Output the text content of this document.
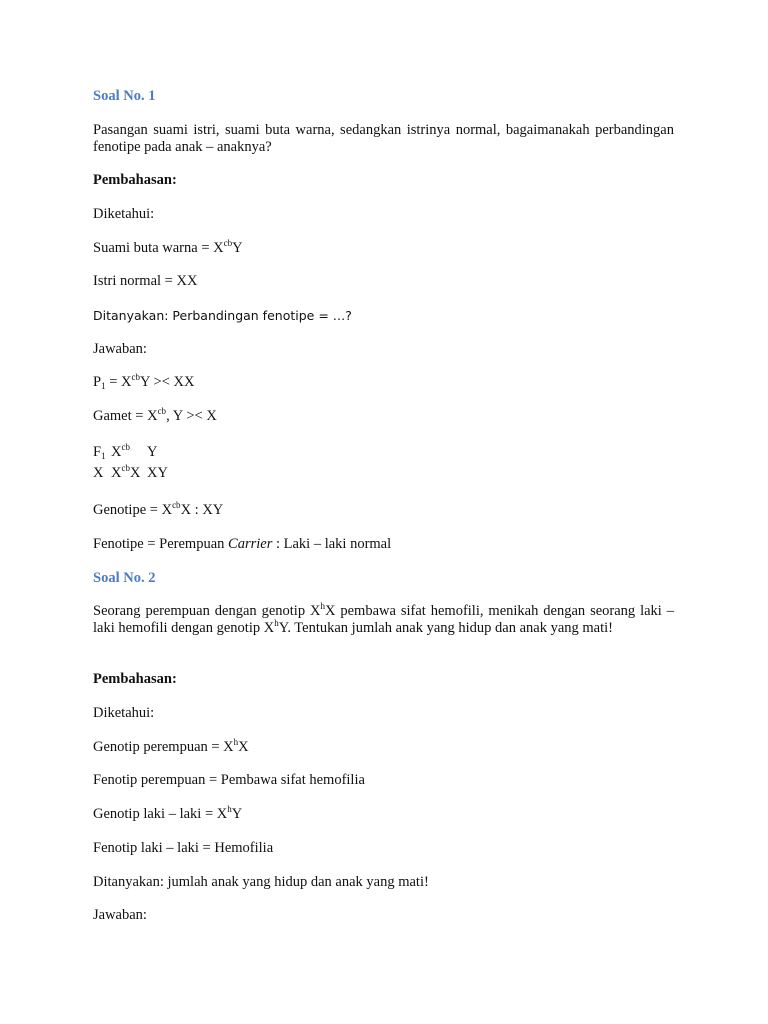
Soal No. 1
Pasangan suami istri, suami buta warna, sedangkan istrinya normal, bagaimanakah perbandingan fenotipe pada anak – anaknya?
Pembahasan:
Diketahui:
Suami buta warna = $X^{cb}Y$
Istri normal = XX
Ditanyakan: Perbandingan fenotipe = …?
Jawaban:
$P_1 = X^{cb}Y$ >< XX
Gamet = $X^{cb}$, Y >< X
$F_1$ $X^{cb}$ Y
X $X^{cb}X$ XY
Genotipe = $X^{cb}X$ : XY
Fenotipe = Perempuan Carrier : Laki – laki normal
Soal No. 2
Seorang perempuan dengan genotip $X^hX$ pembawa sifat hemofili, menikah dengan seorang laki – laki hemofili dengan genotip $X^hY$. Tentukan jumlah anak yang hidup dan anak yang mati!
Pembahasan:
Diketahui:
Genotip perempuan = $X^hX$
Fenotip perempuan = Pembawa sifat hemofilia
Genotip laki – laki = $X^hY$
Fenotip laki – laki = Hemofilia
Ditanyakan: jumlah anak yang hidup dan anak yang mati!
Jawaban:
